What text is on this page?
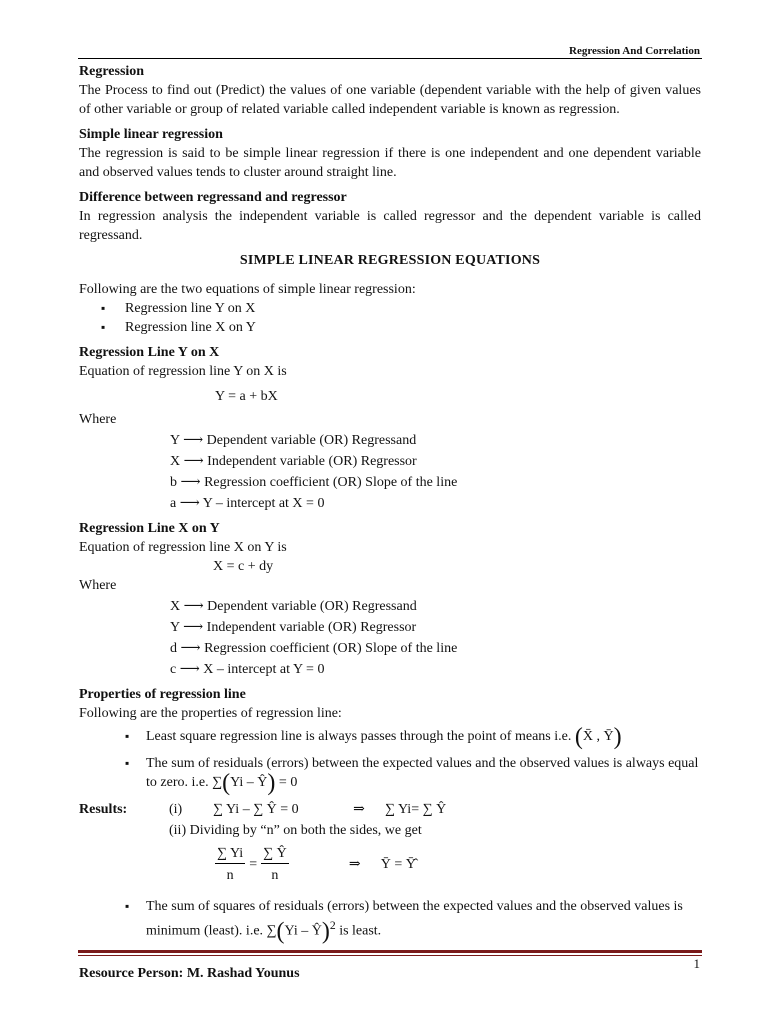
Regression And Correlation
Regression
The Process to find out (Predict) the values of one variable (dependent variable with the help of given values of other variable or group of related variable called independent variable is known as regression.
Simple linear regression
The regression is said to be simple linear regression if there is one independent and one dependent variable and observed values tends to cluster around straight line.
Difference between regressand and regressor
In regression analysis the independent variable is called regressor and the dependent variable is called regressand.
SIMPLE LINEAR REGRESSION EQUATIONS
Following are the two equations of simple linear regression:
▪ Regression line Y on X
▪ Regression line X on Y
Regression Line Y on X
Equation of regression line Y on X is
Y = a + bX
Where
Y ⟶ Dependent variable (OR) Regressand
X ⟶ Independent variable (OR) Regressor
b ⟶ Regression coefficient (OR) Slope of the line
a ⟶ Y – intercept at X = 0
Regression Line X on Y
Equation of regression line X on Y is
X = c + dy
Where
X ⟶ Dependent variable (OR) Regressand
Y ⟶ Independent variable (OR) Regressor
d ⟶ Regression coefficient (OR) Slope of the line
c ⟶ X – intercept at Y = 0
Properties of regression line
Following are the properties of regression line:
▪ Least square regression line is always passes through the point of means i.e. (X̄ , Ȳ)
▪ The sum of residuals (errors) between the expected values and the observed values is always equal to zero. i.e. ∑(Yi – Ŷ) = 0
Results:	(i)	∑ Yi – ∑ Ŷ = 0	⇒	∑ Yi= ∑ Ŷ
(ii) Dividing by “n” on both the sides, we get
$\frac{\sum Yi}{n} = \frac{\sum Ŷ}{n}$	⇒	Ȳ = Ȳ̂
▪ The sum of squares of residuals (errors) between the expected values and the observed values is minimum (least). i.e. ∑(Yi – Ŷ)$^2$ is least.
1
Resource Person: M. Rashad Younus
